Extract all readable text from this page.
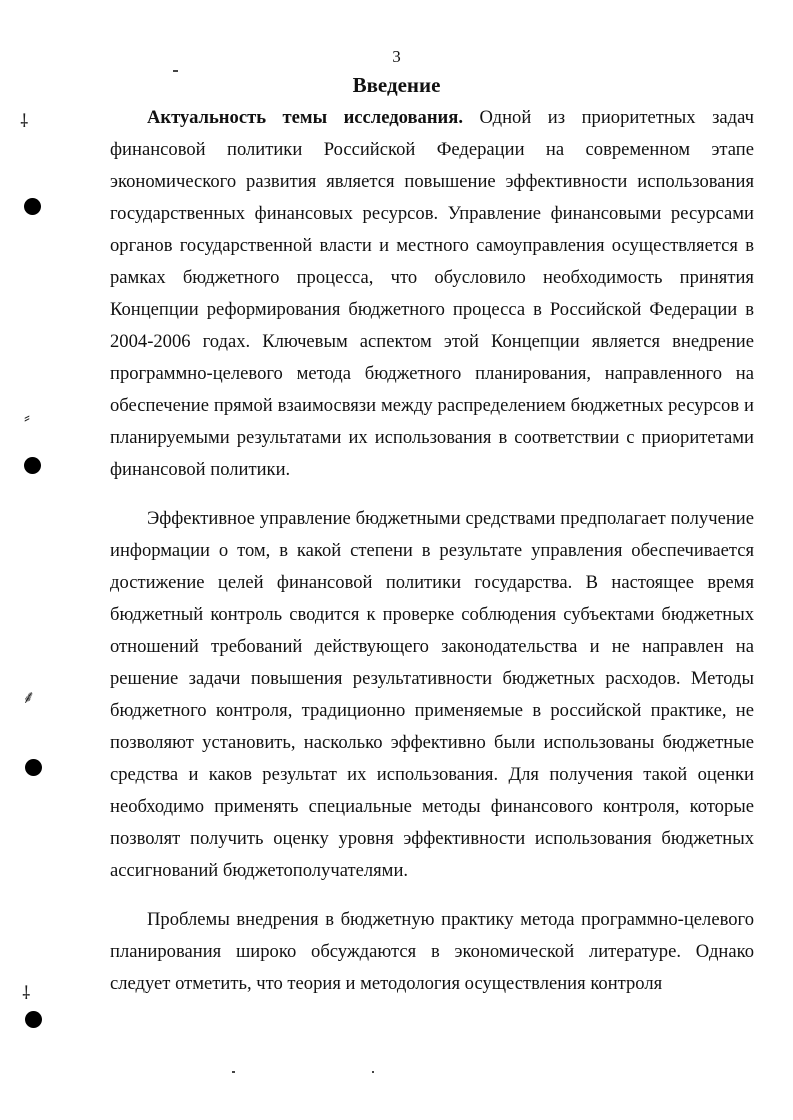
3
Введение

Актуальность темы исследования. Одной из приоритетных задач финансовой политики Российской Федерации на современном этапе экономического развития является повышение эффективности использования государственных финансовых ресурсов. Управление финансовыми ресурсами органов государственной власти и местного самоуправления осуществляется в рамках бюджетного процесса, что обусловило необходимость принятия Концепции реформирования бюджетного процесса в Российской Федерации в 2004-2006 годах. Ключевым аспектом этой Концепции является внедрение программно-целевого метода бюджетного планирования, направленного на обеспечение прямой взаимосвязи между распределением бюджетных ресурсов и планируемыми результатами их использования в соответствии с приоритетами финансовой политики.

Эффективное управление бюджетными средствами предполагает получение информации о том, в какой степени в результате управления обеспечивается достижение целей финансовой политики государства. В настоящее время бюджетный контроль сводится к проверке соблюдения субъектами бюджетных отношений требований действующего законодательства и не направлен на решение задачи повышения результативности бюджетных расходов. Методы бюджетного контроля, традиционно применяемые в российской практике, не позволяют установить, насколько эффективно были использованы бюджетные средства и каков результат их использования. Для получения такой оценки необходимо применять специальные методы финансового контроля, которые позволят получить оценку уровня эффективности использования бюджетных ассигнований бюджетополучателями.

Проблемы внедрения в бюджетную практику метода программно-целевого планирования широко обсуждаются в экономической литературе. Однако следует отметить, что теория и методология осуществления контроля

⸸
⸗
⸙
⸸
